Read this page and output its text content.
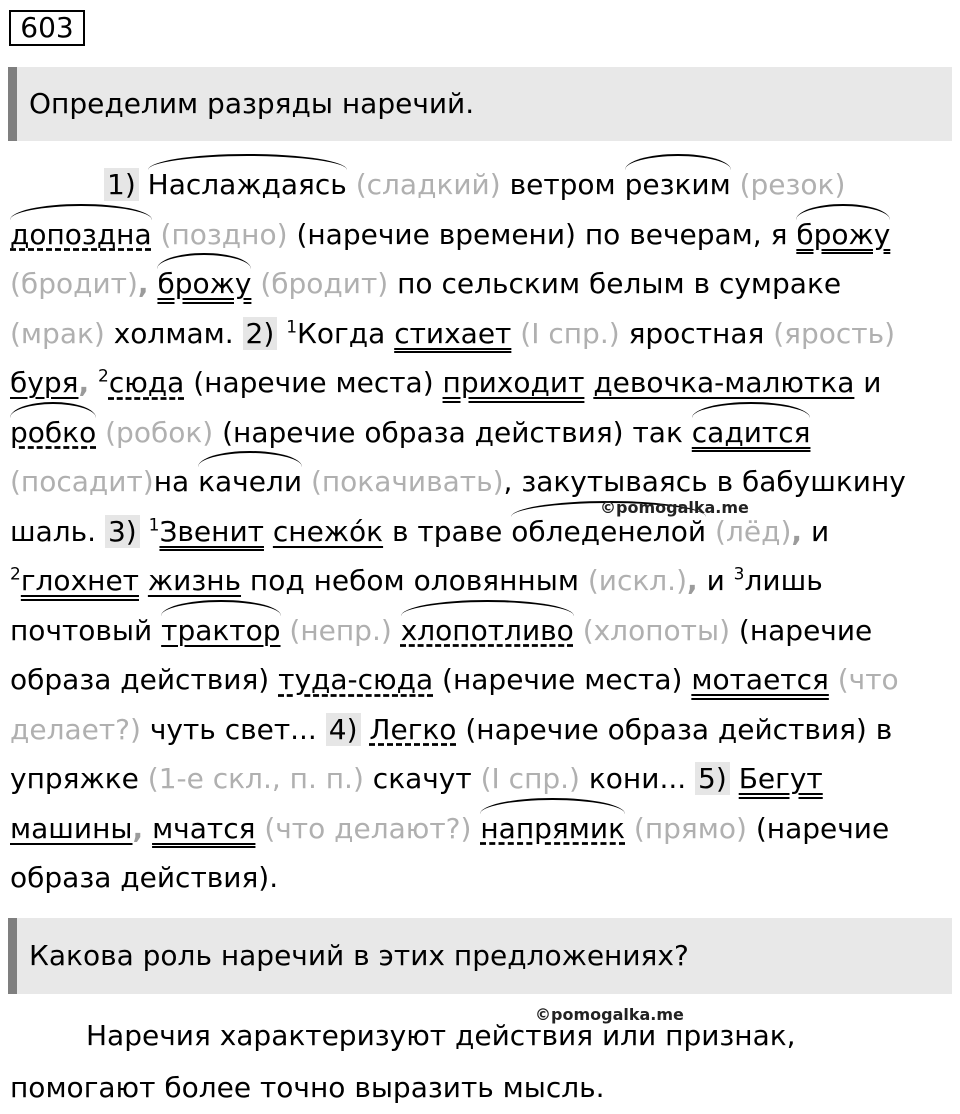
603
Определим разряды наречий.
1) Наслаждаясь (сладкий) ветром резким (резок)
допоздна (поздно) (наречие времени) по вечерам, я брожу
(бродит), брожу (бродит) по сельским белым в сумраке
(мрак) холмам. 2) $^1$Когда стихает (I спр.) яростная (ярость)
буря, $^2$сюда (наречие места) приходит девочка-малютка и
робко (робок) (наречие образа действия) так садится
(посадит)на качели (покачивать), закутываясь в бабушкину
шаль. 3) $^1$Звенит снежо́к в траве обледенелой (лёд), и
$^2$глохнет жизнь под небом оловянным (искл.), и $^3$лишь
почтовый трактор (непр.) хлопотливо (хлопоты) (наречие
образа действия) туда-сюда (наречие места) мотается (что
делает?) чуть свет... 4) Легко (наречие образа действия) в
упряжке (1-е скл., п. п.) скачут (I спр.) кони... 5) Бегут
машины, мчатся (что делают?) напрямик (прямо) (наречие
образа действия).
©pomogalka.me
Какова роль наречий в этих предложениях?
©pomogalka.me
Наречия характеризуют действия или признак,
помогают более точно выразить мысль.
